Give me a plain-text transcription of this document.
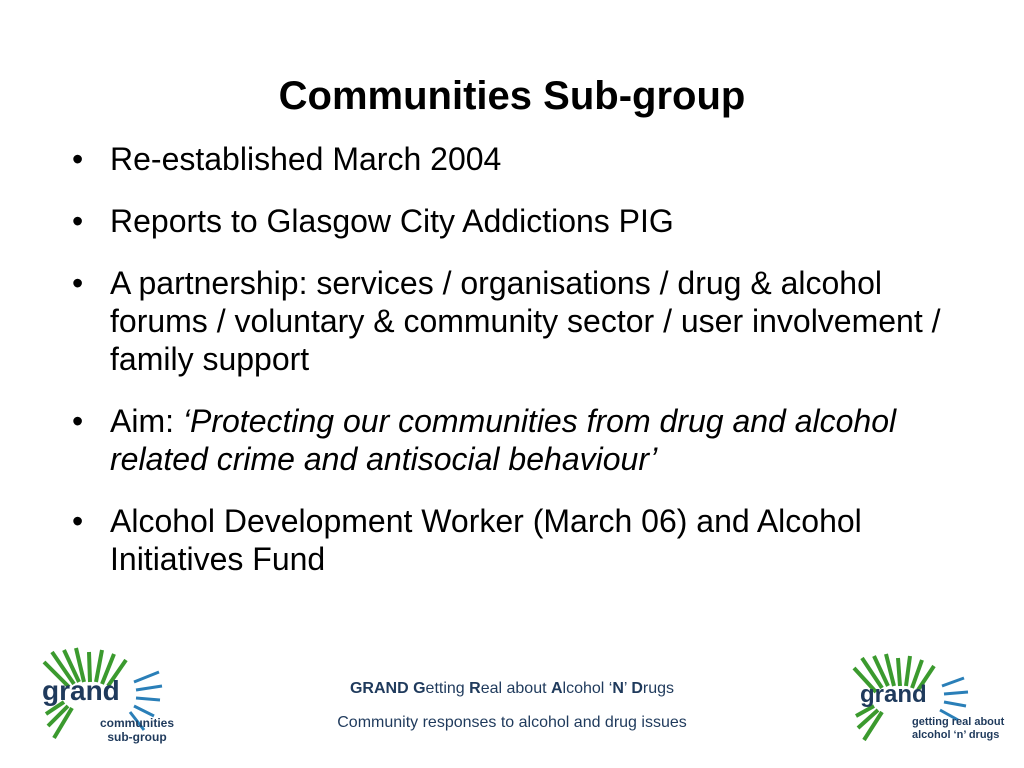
Communities Sub-group
• Re-established March 2004
• Reports to Glasgow City Addictions PIG
• A partnership: services / organisations / drug & alcohol forums / voluntary & community sector / user involvement / family support
• Aim: ‘Protecting our communities from drug and alcohol related crime and antisocial behaviour’
• Alcohol Development Worker (March 06) and Alcohol Initiatives Fund
grand
communities
sub-group
GRAND Getting Real about Alcohol ‘N’ Drugs
Community responses to alcohol and drug issues
grand
getting real about
alcohol ‘n’ drugs
